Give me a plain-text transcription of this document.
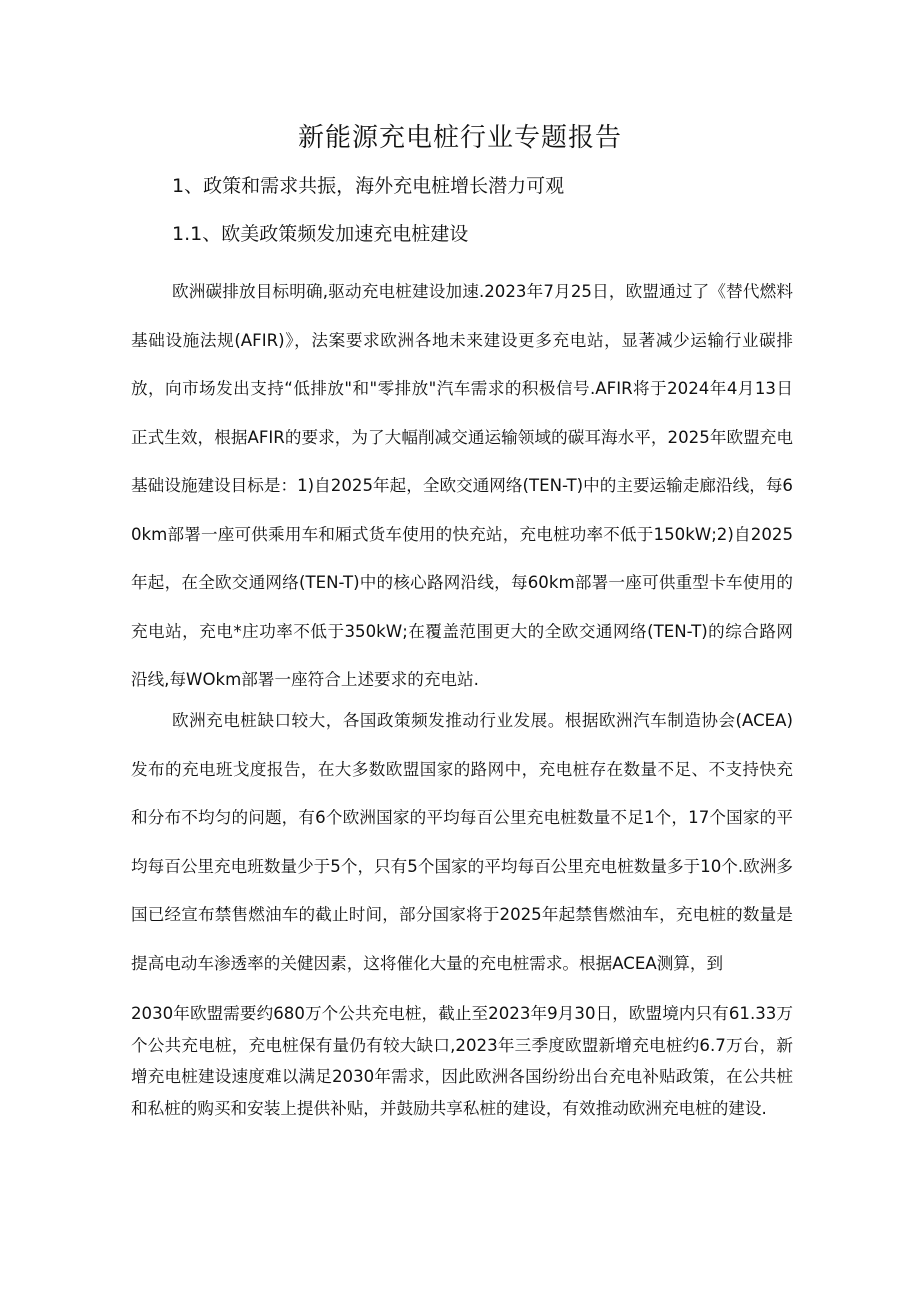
新能源充电桩行业专题报告
1、政策和需求共振，海外充电桩增长潜力可观
1.1、欧美政策频发加速充电桩建设

欧洲碳排放目标明确,驱动充电桩建设加速.2023年7月25日，欧盟通过了《替代燃料基础设施法规(AFIR)》，法案要求欧洲各地未来建设更多充电站，显著减少运输行业碳排放，向市场发出支持“低排放"和"零排放"汽车需求的积极信号.AFIR将于2024年4月13日正式生效，根据AFIR的要求，为了大幅削减交通运输领域的碳耳海水平，2025年欧盟充电基础设施建设目标是：1)自2025年起，全欧交通网络(TEN-T)中的主要运输走廊沿线，每60km部署一座可供乘用车和厢式货车使用的快充站，充电桩功率不低于150kW;2)自2025年起，在全欧交通网络(TEN-T)中的核心路网沿线，每60km部署一座可供重型卡车使用的充电站，充电*庄功率不低于350kW;在覆盖范围更大的全欧交通网络(TEN-T)的综合路网沿线,每WOkm部署一座符合上述要求的充电站.

欧洲充电桩缺口较大，各国政策频发推动行业发展。根据欧洲汽车制造协会(ACEA)发布的充电班戈度报告，在大多数欧盟国家的路网中，充电桩存在数量不足、不支持快充和分布不均匀的问题，有6个欧洲国家的平均每百公里充电桩数量不足1个，17个国家的平均每百公里充电班数量少于5个，只有5个国家的平均每百公里充电桩数量多于10个.欧洲多国已经宣布禁售燃油车的截止时间，部分国家将于2025年起禁售燃油车，充电桩的数量是提高电动车渗透率的关健因素，这将催化大量的充电桩需求。根据ACEA测算，到

2030年欧盟需要约680万个公共充电桩，截止至2023年9月30日，欧盟境内只有61.33万个公共充电桩，充电桩保有量仍有较大缺口,2023年三季度欧盟新增充电桩约6.7万台，新增充电桩建设速度难以满足2030年需求，因此欧洲各国纷纷出台充电补贴政策，在公共桩和私桩的购买和安装上提供补贴，并鼓励共享私桩的建设，有效推动欧洲充电桩的建设.
